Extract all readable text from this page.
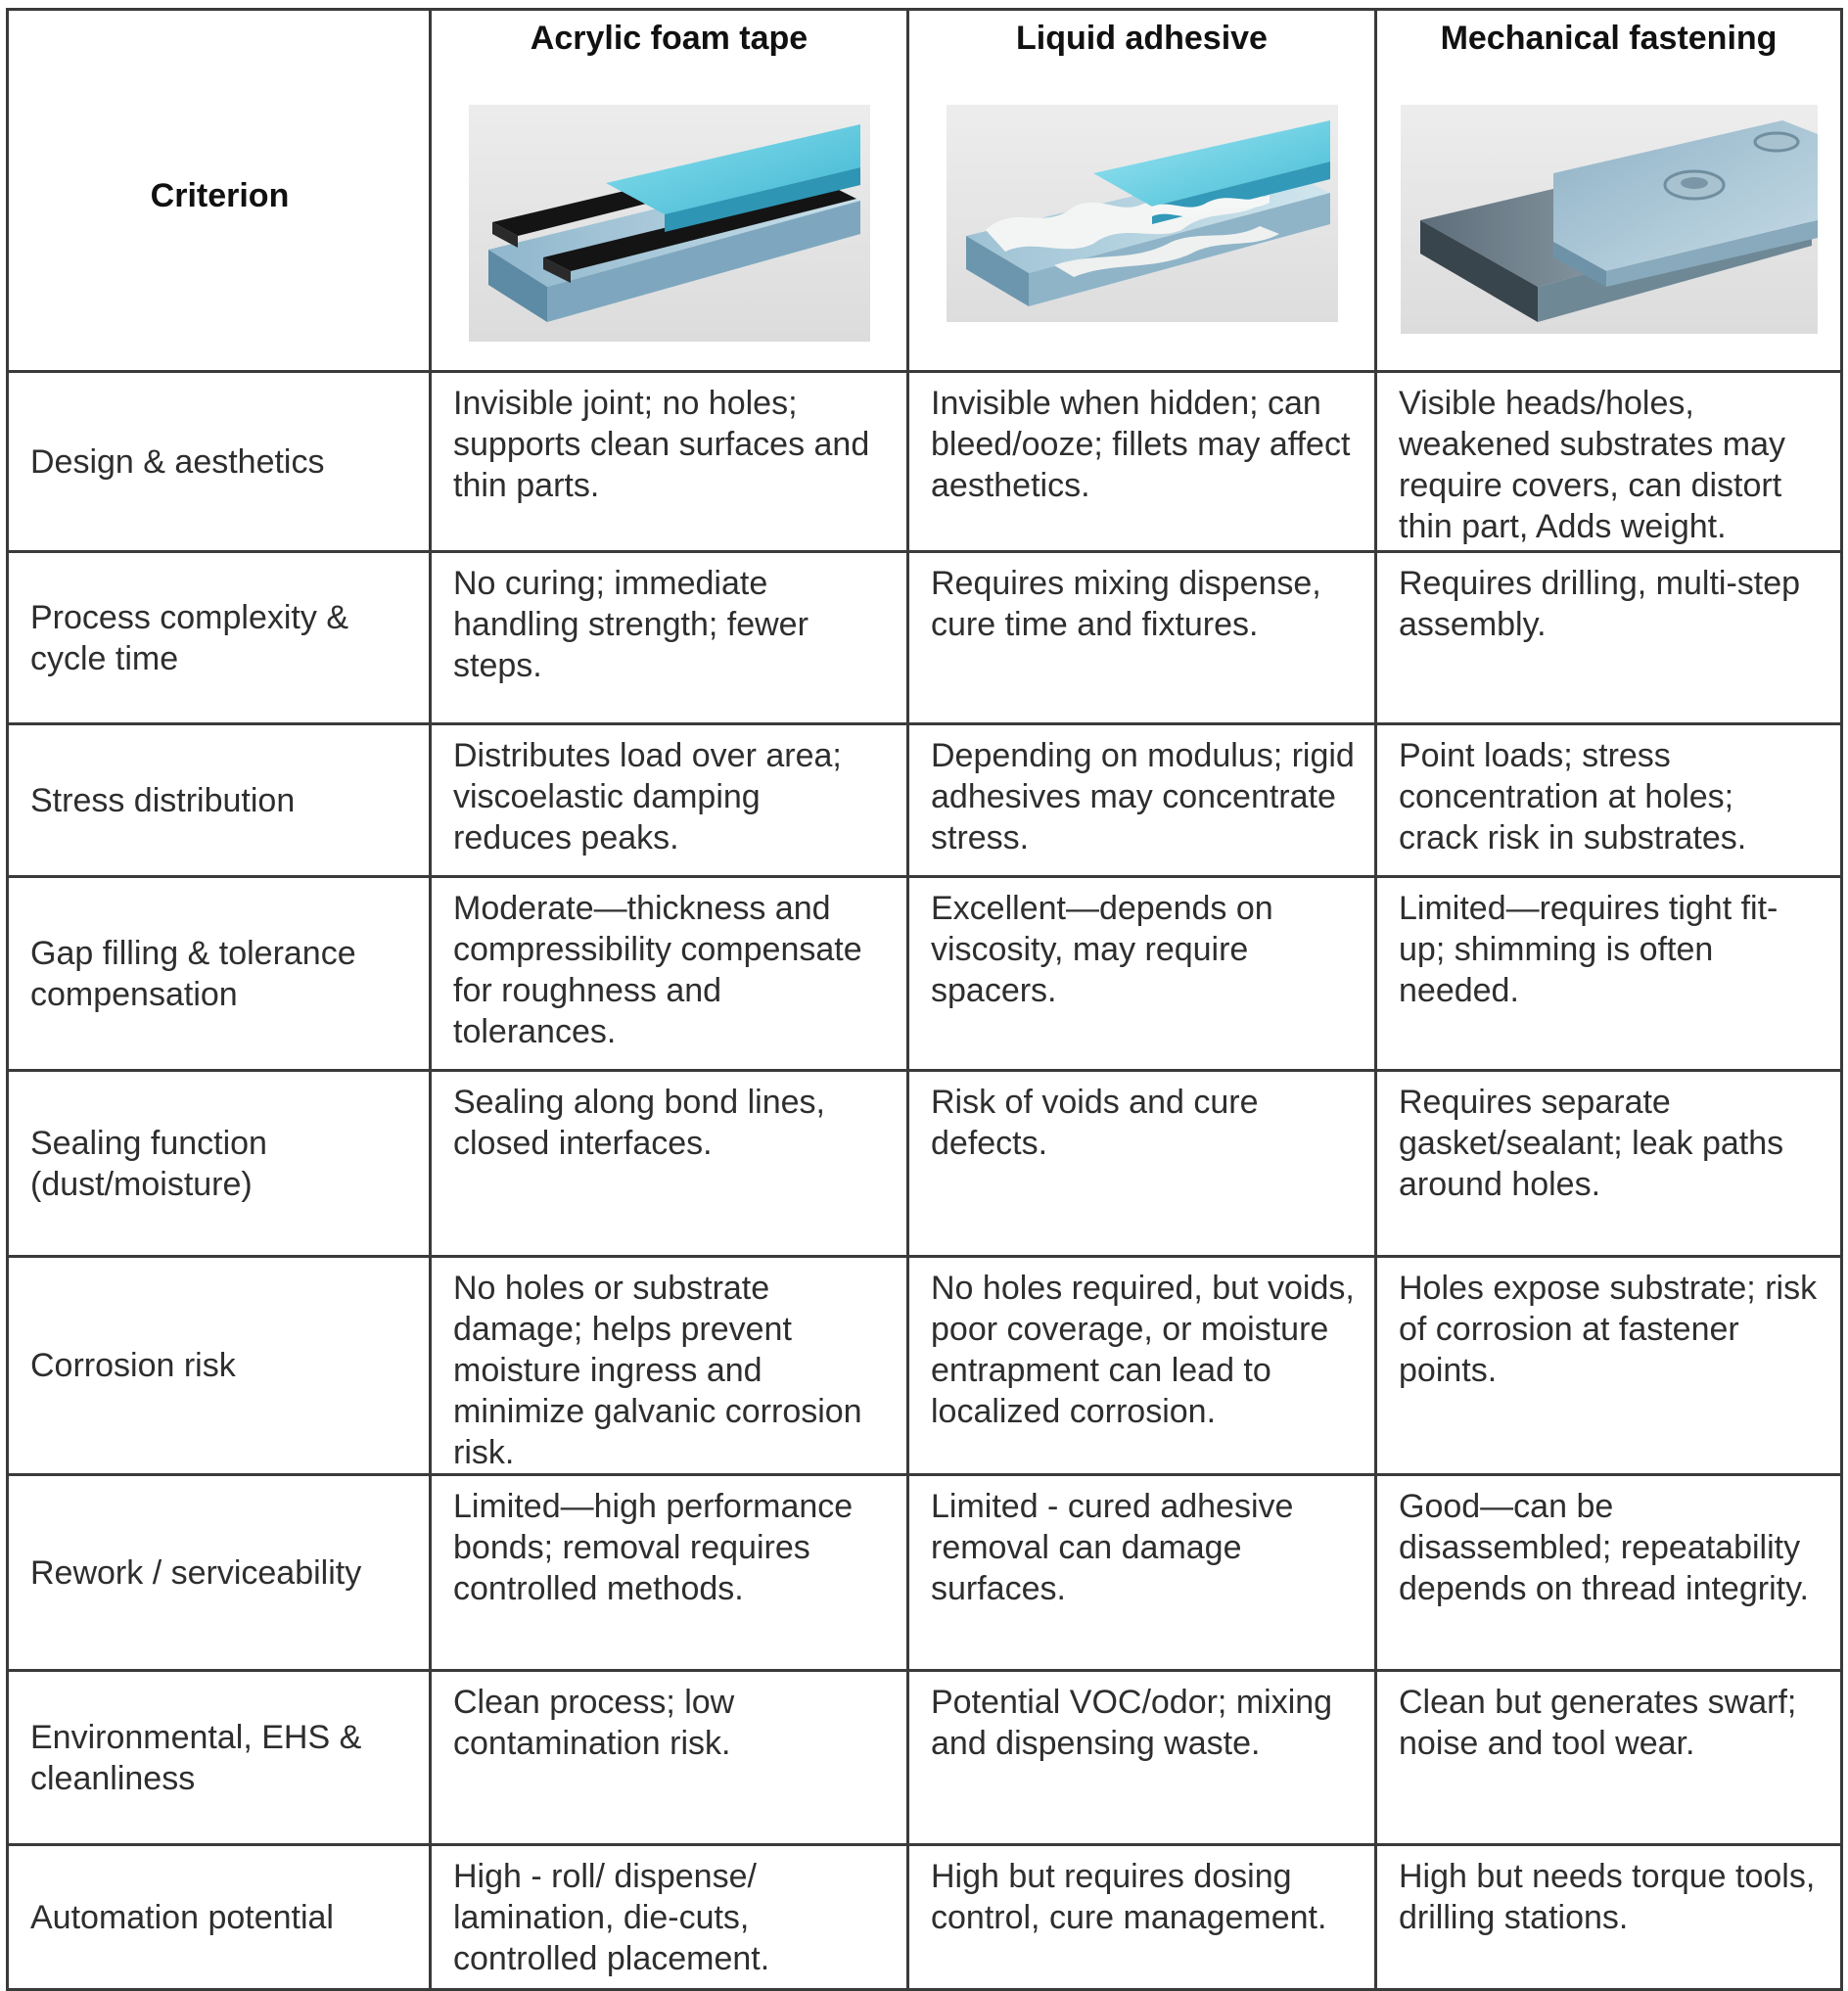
Criterion	Acrylic foam tape	Liquid adhesive	Mechanical fastening

Design & aesthetics	Invisible joint; no holes; supports clean surfaces and thin parts.	Invisible when hidden; can bleed/ooze; fillets may affect aesthetics.	Visible heads/holes, weakened substrates may require covers, can distort thin part, Adds weight.
Process complexity & cycle time	No curing; immediate handling strength; fewer steps.	Requires mixing dispense, cure time and fixtures.	Requires drilling, multi-step assembly.
Stress distribution	Distributes load over area; viscoelastic damping reduces peaks.	Depending on modulus; rigid adhesives may concentrate stress.	Point loads; stress concentration at holes; crack risk in substrates.
Gap filling & tolerance compensation	Moderate—thickness and compressibility compensate for roughness and tolerances.	Excellent—depends on viscosity, may require spacers.	Limited—requires tight fit-up; shimming is often needed.
Sealing function (dust/moisture)	Sealing along bond lines, closed interfaces.	Risk of voids and cure defects.	Requires separate gasket/sealant; leak paths around holes.
Corrosion risk	No holes or substrate damage; helps prevent moisture ingress and minimize galvanic corrosion risk.	No holes required, but voids, poor coverage, or moisture entrapment can lead to localized corrosion.	Holes expose substrate; risk of corrosion at fastener points.
Rework / serviceability	Limited—high performance bonds; removal requires controlled methods.	Limited - cured adhesive removal can damage surfaces.	Good—can be disassembled; repeatability depends on thread integrity.
Environmental, EHS & cleanliness	Clean process; low contamination risk.	Potential VOC/odor; mixing and dispensing waste.	Clean but generates swarf; noise and tool wear.
Automation potential	High - roll/ dispense/ lamination, die-cuts, controlled placement.	High but requires dosing control, cure management.	High but needs torque tools, drilling stations.
